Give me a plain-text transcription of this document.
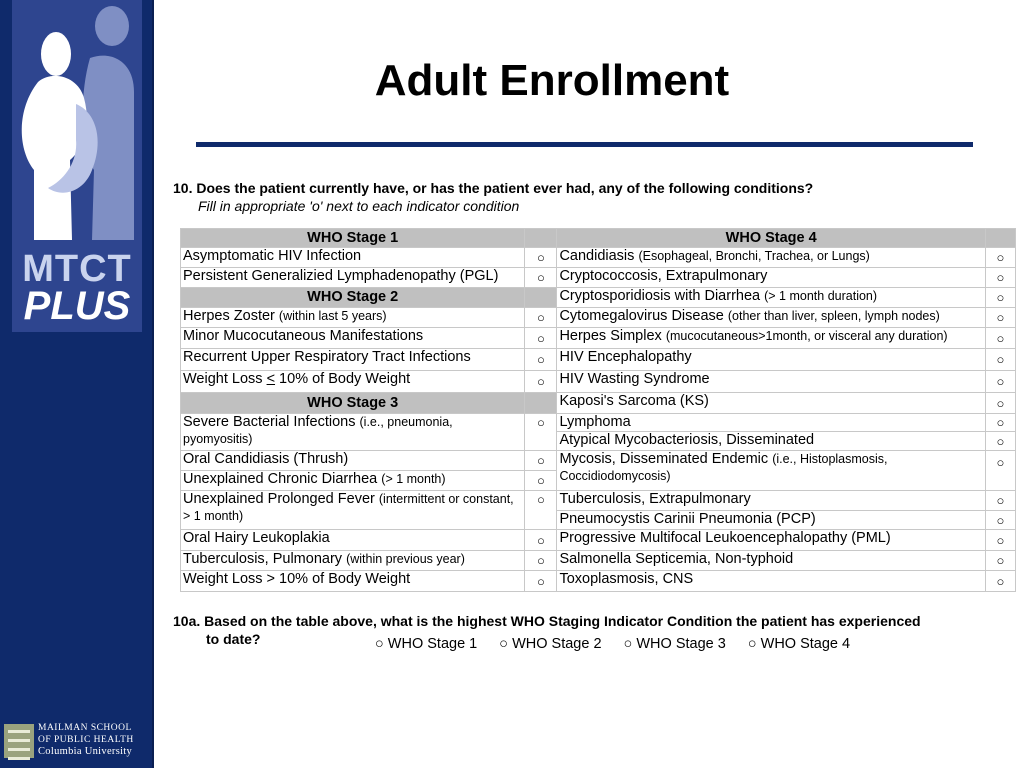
MTCT
PLUS
MAILMAN SCHOOL
OF PUBLIC HEALTH
Columbia University
Adult Enrollment
10. Does the patient currently have, or has the patient ever had, any of the following conditions?
Fill in appropriate 'o' next to each indicator condition
WHO Stage 1		WHO Stage 4	
Asymptomatic HIV Infection	○	Candidiasis (Esophageal, Bronchi, Trachea, or Lungs)	○
Persistent Generalizied Lymphadenopathy (PGL)	○	Cryptococcosis, Extrapulmonary	○
WHO Stage 2		Cryptosporidiosis with Diarrhea (> 1 month duration)	○
Herpes Zoster (within last 5 years)	○	Cytomegalovirus Disease (other than liver, spleen, lymph nodes)	○
Minor Mucocutaneous Manifestations	○	Herpes Simplex (mucocutaneous>1month, or visceral any duration)	○
Recurrent Upper Respiratory Tract Infections	○	HIV Encephalopathy	○
Weight Loss < 10% of Body Weight	○	HIV Wasting Syndrome	○
WHO Stage 3		Kaposi's Sarcoma (KS)	○
Severe Bacterial Infections (i.e., pneumonia, pyomyositis)	○	Lymphoma	○
		Atypical Mycobacteriosis, Disseminated	○
Oral Candidiasis (Thrush)	○	Mycosis, Disseminated Endemic (i.e., Histoplasmosis, Coccidiodomycosis)	○
Unexplained Chronic Diarrhea (> 1 month)	○		
Unexplained Prolonged Fever (intermittent or constant, > 1 month)	○	Tuberculosis, Extrapulmonary	○
		Pneumocystis Carinii Pneumonia (PCP)	○
Oral Hairy Leukoplakia	○	Progressive Multifocal Leukoencephalopathy (PML)	○
Tuberculosis, Pulmonary (within previous year)	○	Salmonella Septicemia, Non-typhoid	○
Weight Loss > 10% of Body Weight	○	Toxoplasmosis, CNS	○
10a. Based on the table above, what is the highest WHO Staging Indicator Condition the patient has experienced
to date?	○ WHO Stage 1 ○ WHO Stage 2 ○ WHO Stage 3 ○ WHO Stage 4
